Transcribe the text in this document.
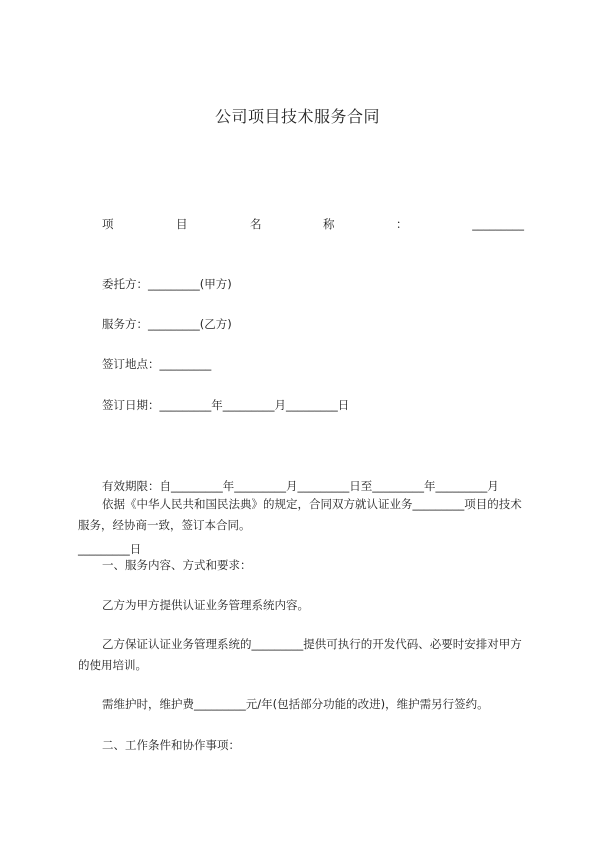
公司项目技术服务合同
项	目	名	称	：	_________
委托方：_________(甲方)
服务方：_________(乙方)
签订地点：_________
签订日期：_________年_________月_________日

有效期限：自_________年_________月_________日至_________年_________月

_________日

依据《中华人民共和国民法典》的规定，合同双方就认证业务_________项目的技术服务，经协商一致，签订本合同。
一、服务内容、方式和要求：
乙方为甲方提供认证业务管理系统内容。
乙方保证认证业务管理系统的_________提供可执行的开发代码、必要时安排对甲方的使用培训。
需维护时，维护费_________元/年(包括部分功能的改进)，维护需另行签约。
二、工作条件和协作事项：
